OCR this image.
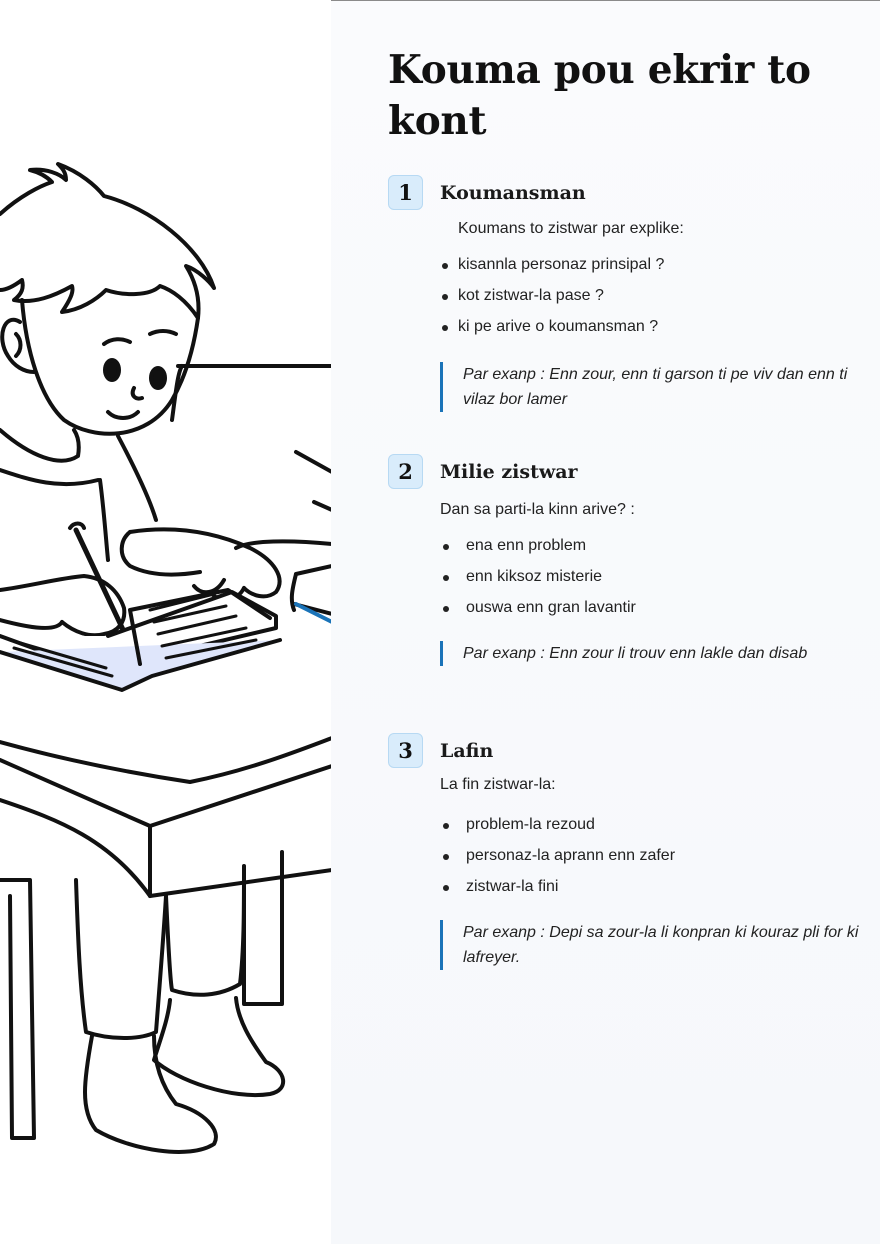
Kouma pou ekrir to kont
1	Koumansman

Koumans to zistwar par explike:

kisannla personaz prinsipal ?
kot zistwar-la pase ?
ki pe arive o koumansman ?
Par exanp : Enn zour, enn ti garson ti pe viv dan enn ti vilaz bor lamer
2	Milie zistwar

Dan sa parti-la kinn arive? :

ena enn problem
enn kiksoz misterie
ouswa enn gran lavantir
Par exanp : Enn zour li trouv enn lakle dan disab
3	Lafin

La fin zistwar-la:

problem-la rezoud
personaz-la aprann enn zafer
zistwar-la fini
Par exanp : Depi sa zour-la li konpran ki kouraz pli for ki lafreyer.
